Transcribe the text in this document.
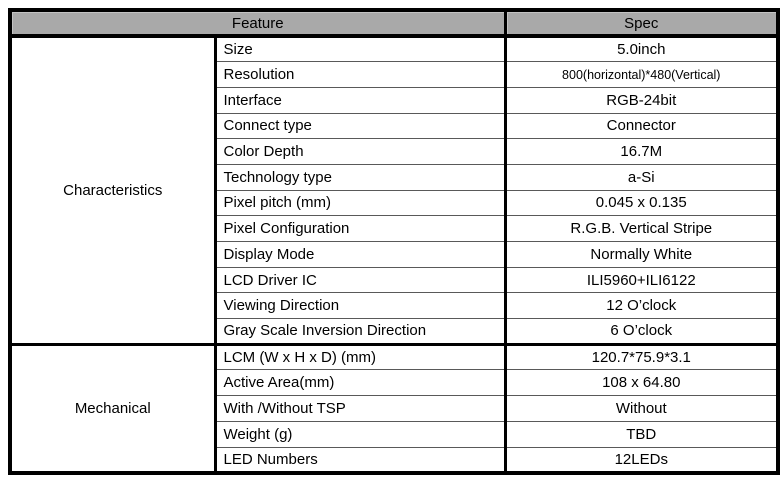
Feature		Spec
Characteristics	Size	5.0inch
	Resolution	800(horizontal)*480(Vertical)
	Interface	RGB-24bit
	Connect type	Connector
	Color Depth	16.7M
	Technology type	a-Si
	Pixel pitch (mm)	0.045 x 0.135
	Pixel Configuration	R.G.B. Vertical Stripe
	Display Mode	Normally White
	LCD Driver IC	ILI5960+ILI6122
	Viewing Direction	12 O’clock
	Gray Scale Inversion Direction	6 O’clock
Mechanical	LCM (W x H x D) (mm)	120.7*75.9*3.1
	Active Area(mm)	108 x 64.80
	With /Without TSP	Without
	Weight (g)	TBD
	LED Numbers	12LEDs
